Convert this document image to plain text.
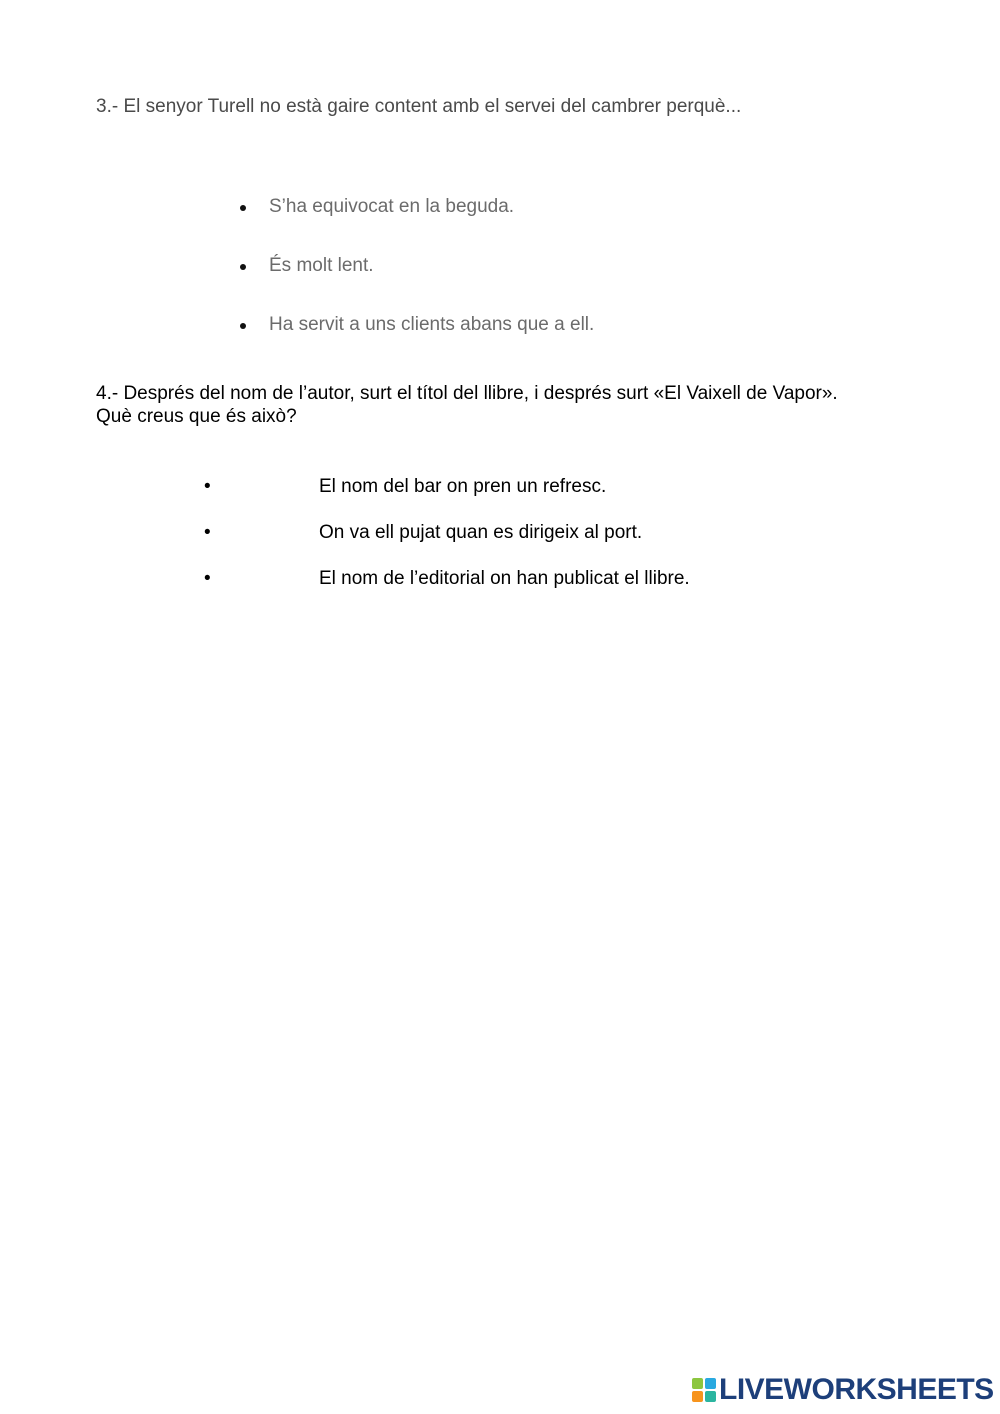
3.- El senyor Turell no està gaire content amb el servei del cambrer perquè...
S’ha equivocat en la beguda.
És molt lent.
Ha servit a uns clients abans que a ell.
4.- Després del nom de l’autor, surt el títol del llibre, i després surt «El Vaixell de Vapor».
Què creus que és això?
•	El nom del bar on pren un refresc.
•	On va ell pujat quan es dirigeix al port.
•	El nom de l’editorial on han publicat el llibre.
LIVEWORKSHEETS
